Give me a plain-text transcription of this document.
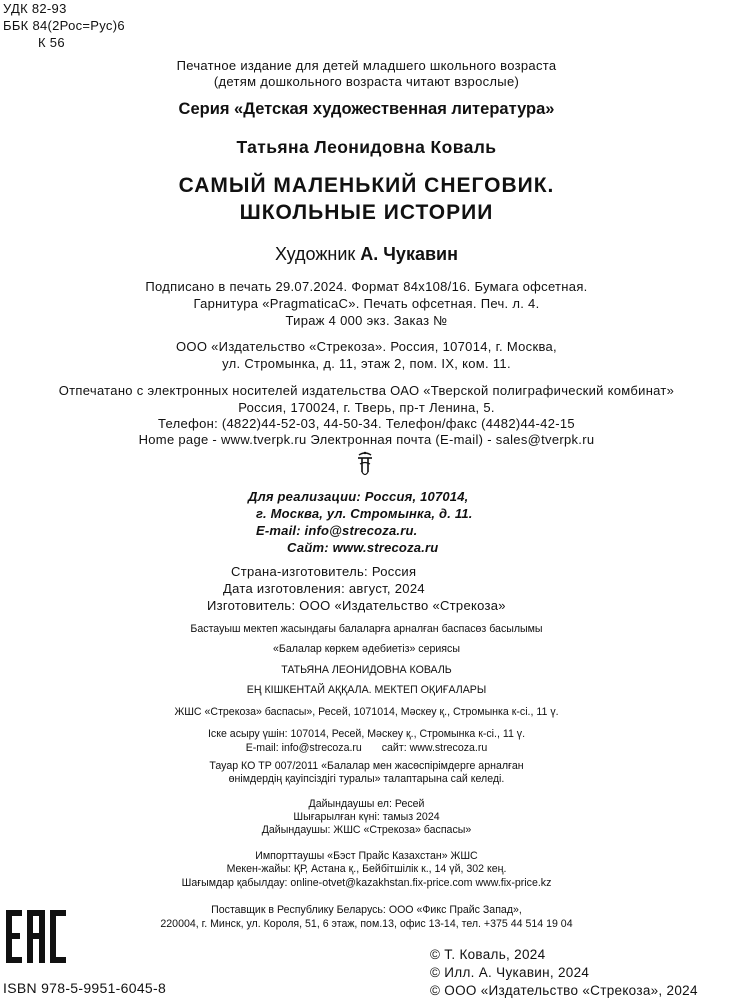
УДК 82-93
ББК 84(2Рос=Рус)6
К 56
Печатное издание для детей младшего школьного возраста
(детям дошкольного возраста читают взрослые)
Серия «Детская художественная литература»
Татьяна Леонидовна Коваль
САМЫЙ МАЛЕНЬКИЙ СНЕГОВИК.
ШКОЛЬНЫЕ ИСТОРИИ
Художник А. Чукавин
Подписано в печать 29.07.2024. Формат 84х108/16. Бумага офсетная.
Гарнитура «PragmaticaC». Печать офсетная. Печ. л. 4.
Тираж 4 000 экз. Заказ №
ООО «Издательство «Стрекоза». Россия, 107014, г. Москва,
ул. Стромынка, д. 11, этаж 2, пом. IX, ком. 11.
Отпечатано с электронных носителей издательства ОАО «Тверской полиграфический комбинат»
Россия, 170024, г. Тверь, пр-т Ленина, 5.
Телефон: (4822)44-52-03, 44-50-34. Телефон/факс (4482)44-42-15
Home page - www.tverpk.ru Электронная почта (E-mail) - sales@tverpk.ru
Для реализации: Россия, 107014,
г. Москва, ул. Стромынка, д. 11.
E-mail: info@strecoza.ru.
Сайт: www.strecoza.ru
Страна-изготовитель: Россия
Дата изготовления: август, 2024
Изготовитель: ООО «Издательство «Стрекоза»
Бастауыш мектеп жасындағы балаларға арналған баспасөз басылымы
«Балалар көркем әдебиетіз» сериясы
ТАТЬЯНА ЛЕОНИДОВНА КОВАЛЬ
ЕҢ КІШКЕНТАЙ АҚҚАЛА. МЕКТЕП ОҚИҒАЛАРЫ
ЖШС «Стрекоза» баспасы», Ресей, 1071014, Мәскеу қ., Стромынка к-сі., 11 ү.
Іске асыру үшін: 107014, Ресей, Мәскеу қ., Стромынка к-сі., 11 ү.
E-mail: info@strecoza.ru сайт: www.strecoza.ru
Тауар КО ТР 007/2011 «Балалар мен жасөспірімдерге арналған
өнімдердің қауіпсіздігі туралы» талаптарына сай келеді.
Дайындаушы ел: Ресей
Шығарылған күні: тамыз 2024
Дайындаушы: ЖШС «Стрекоза» баспасы»
Импорттаушы «Бэст Прайс Казахстан» ЖШС
Мекен-жайы: ҚР, Астана қ., Бейбітшілік к., 14 үй, 302 кең.
Шағымдар қабылдау: online-otvet@kazakhstan.fix-price.com www.fix-price.kz
Поставщик в Республику Беларусь: ООО «Фикс Прайс Запад»,
220004, г. Минск, ул. Короля, 51, 6 этаж, пом.13, офис 13-14, тел. +375 44 514 19 04
ISBN 978-5-9951-6045-8
© Т. Коваль, 2024
© Илл. А. Чукавин, 2024
© ООО «Издательство «Стрекоза», 2024
